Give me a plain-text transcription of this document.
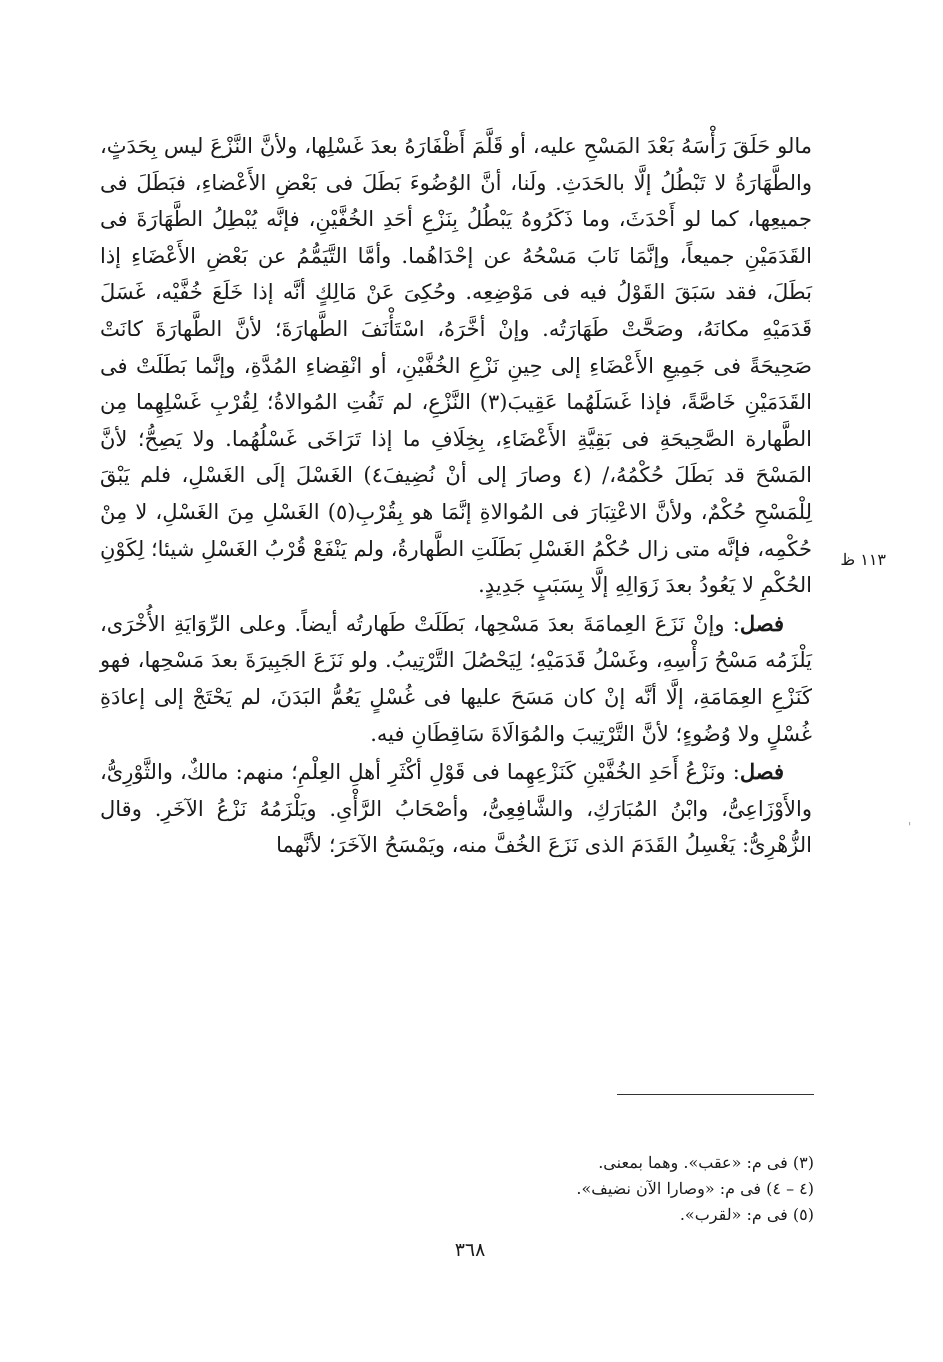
١١٣ ظ
'

مالو حَلَقَ رَأْسَهُ بَعْدَ المَسْحِ عليه، أو قَلَّمَ أَظْفَارَهُ بعدَ غَسْلِها، ولأنَّ النَّزْعَ ليس بِحَدَثٍ، والطَّهَارَةُ لا تَبْطُلُ إلَّا بالحَدَثِ. ولَنا، أنَّ الوُضُوءَ بَطَلَ فى بَعْضِ الأَعْضاءِ، فبَطَلَ فى جميعِها، كما لو أَحْدَثَ، وما ذَكَرُوهُ يَبْطُلُ بِنَزْعِ أحَدِ الخُفَّيْنِ، فإنَّه يُبْطِلُ الطَّهَارَةَ فى القَدَمَيْنِ جميعاً، وإنَّمَا نَابَ مَسْحُهُ عن إحْدَاهُما. وأمَّا التَّيَمُّمُ عن بَعْضِ الأَعْضَاءِ إذا بَطَلَ، فقد سَبَقَ القَوْلُ فيه فى مَوْضِعِه. وحُكِىَ عَنْ مَالِكٍ أنَّه إذا خَلَعَ خُفَّيْه، غَسَلَ قَدَمَيْهِ مكانَهُ، وصَحَّتْ طَهَارَتُه. وإنْ أخَّرَهُ، اسْتَأْنَفَ الطَّهارَةَ؛ لأنَّ الطَّهارَةَ كانَتْ صَحِيحَةً فى جَمِيعِ الأَعْضَاءِ إلى حِينِ نَزْعِ الخُفَّيْنِ، أو انْقِضاءِ المُدَّةِ، وإنَّما بَطَلَتْ فى القَدَمَيْنِ خَاصَّةً، فإذا غَسَلَهُما عَقِيبَ(٣) النَّزْعِ، لم تَفُتِ المُوالاةُ؛ لِقُرْبِ غَسْلِهِما مِن الطَّهارة الصَّحِيحَةِ فى بَقِيَّةِ الأَعْضَاءِ، بِخِلَافِ ما إذا تَرَاخَى غَسْلُهُما. ولا يَصِحُّ؛ لأنَّ المَسْحَ قد بَطَلَ حُكْمُهُ،/ (٤ وصارَ إلى أنْ نُضِيفَ٤) الغَسْلَ إلَى الغَسْلِ، فلم يَبْقَ لِلْمَسْحِ حُكْمٌ، ولأنَّ الاعْتِبَارَ فى المُوالاةِ إنَّمَا هو بِقُرْبِ(٥) الغَسْلِ مِنَ الغَسْلِ، لا مِنْ حُكْمِه، فإنَّه متى زال حُكْمُ الغَسْلِ بَطَلَتِ الطَّهارةُ، ولم يَنْفَعْ قُرْبُ الغَسْلِ شيئا؛ لِكَوْنِ الحُكْمِ لا يَعُودُ بعدَ زَوَالِهِ إلَّا بِسَبَبٍ جَدِيدٍ.

فصل: وإنْ نَزَعَ العِمامَةَ بعدَ مَسْحِها، بَطَلَتْ طَهارتُه أيضاً. وعلى الرِّوَايَةِ الأُخْرَى، يَلْزَمُه مَسْحُ رَأْسِهِ، وغَسْلُ قَدَمَيْهِ؛ لِيَحْصُلَ التَّرْتِيبُ. ولو نَزَعَ الجَبِيرَةَ بعدَ مَسْحِها، فهو كَنَزْعِ العِمَامَةِ، إلَّا أنَّه إنْ كان مَسَحَ عليها فى غُسْلٍ يَعُمُّ البَدَنَ، لم يَحْتَجْ إلى إعادَةِ غُسْلٍ ولا وُضُوءٍ؛ لأنَّ التَّرْتِيبَ والمُوَالَاةَ سَاقِطَانِ فيه.

فصل: ونَزْعُ أَحَدِ الخُفَّيْنِ كَنَزْعِهِما فى قَوْلِ أكْثَرِ أهلِ العِلْمِ؛ منهم: مالكٌ، والثَّوْرِىُّ، والأَوْزَاعِىُّ، وابْنُ المُبَارَكِ، والشَّافِعِىُّ، وأصْحَابُ الرَّأْىِ. ويَلْزَمُهُ نَزْعُ الآخَرِ. وقال الزُّهْرِىُّ: يَغْسِلُ القَدَمَ الذى نَزَعَ الخُفَّ منه، ويَمْسَحُ الآخَرَ؛ لأنَّهما

(٣) فى م: «عقب». وهما بمعنى.

(٤ – ٤) فى م: «وصارا الآن نضيف».

(٥) فى م: «لقرب».

٣٦٨
